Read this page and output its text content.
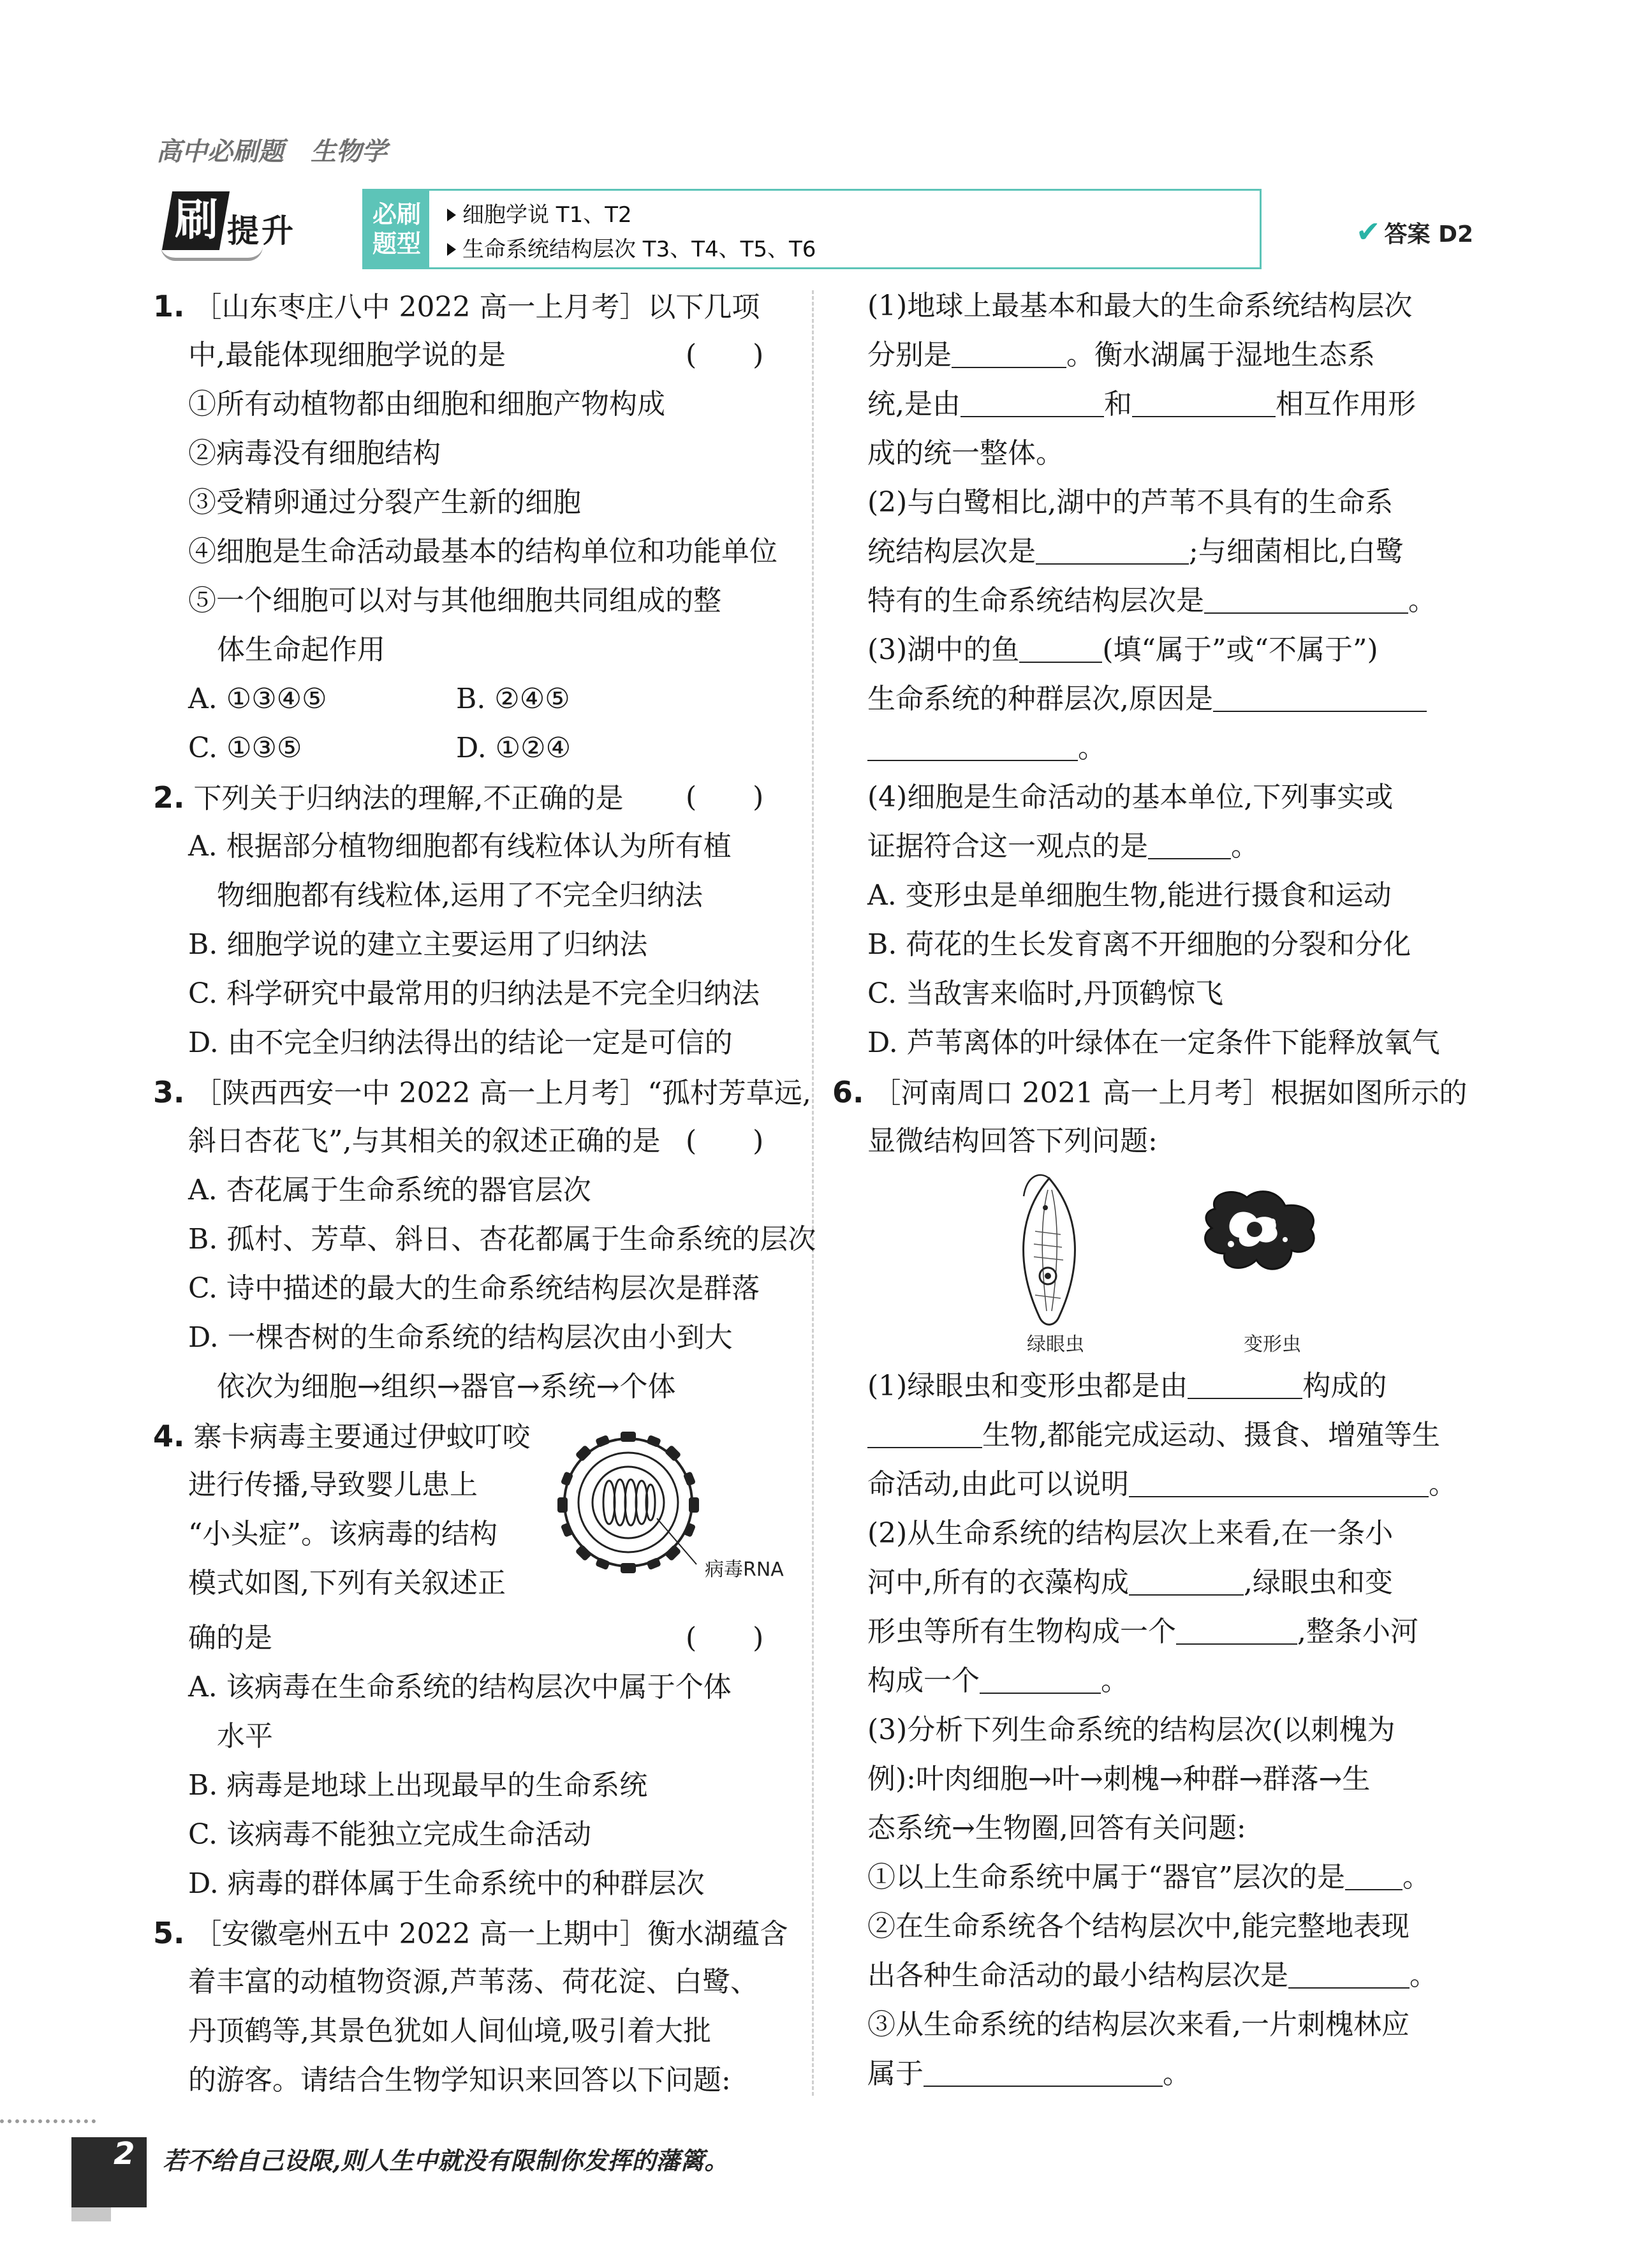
高中必刷题 生物学
刷 提升	必刷
题型
细胞学说 T1、T2
生命系统结构层次 T3、T4、T5、T6
✔ 答案 D2
1. ［山东枣庄八中 2022 高一上月考］以下几项
中,最能体现细胞学说的是	(　　)
①所有动植物都由细胞和细胞产物构成
②病毒没有细胞结构
③受精卵通过分裂产生新的细胞
④细胞是生命活动最基本的结构单位和功能单位
⑤一个细胞可以对与其他细胞共同组成的整
体生命起作用
A. ①③④⑤	B. ②④⑤
C. ①③⑤	D. ①②④
2. 下列关于归纳法的理解,不正确的是 (　　)
A. 根据部分植物细胞都有线粒体认为所有植
物细胞都有线粒体,运用了不完全归纳法
B. 细胞学说的建立主要运用了归纳法
C. 科学研究中最常用的归纳法是不完全归纳法
D. 由不完全归纳法得出的结论一定是可信的
3. ［陕西西安一中 2022 高一上月考］“孤村芳草远,
斜日杏花飞”,与其相关的叙述正确的是 (　　)
A. 杏花属于生命系统的器官层次
B. 孤村、芳草、斜日、杏花都属于生命系统的层次
C. 诗中描述的最大的生命系统结构层次是群落
D. 一棵杏树的生命系统的结构层次由小到大
依次为细胞→组织→器官→系统→个体
4. 寨卡病毒主要通过伊蚊叮咬
进行传播,导致婴儿患上
“小头症”。该病毒的结构
模式如图,下列有关叙述正
确的是	(　　)
病毒RNA
A. 该病毒在生命系统的结构层次中属于个体
水平
B. 病毒是地球上出现最早的生命系统
C. 该病毒不能独立完成生命活动
D. 病毒的群体属于生命系统中的种群层次
5. ［安徽亳州五中 2022 高一上期中］衡水湖蕴含
着丰富的动植物资源,芦苇荡、荷花淀、白鹭、
丹顶鹤等,其景色犹如人间仙境,吸引着大批
的游客。请结合生物学知识来回答以下问题:
(1)地球上最基本和最大的生命系统结构层次
分别是	。衡水湖属于湿地生态系
统,是由	和	相互作用形
成的统一整体。
(2)与白鹭相比,湖中的芦苇不具有的生命系
统结构层次是	;与细菌相比,白鹭
特有的生命系统结构层次是	。
(3)湖中的鱼	(填“属于”或“不属于”)
生命系统的种群层次,原因是
。
(4)细胞是生命活动的基本单位,下列事实或
证据符合这一观点的是	。
A. 变形虫是单细胞生物,能进行摄食和运动
B. 荷花的生长发育离不开细胞的分裂和分化
C. 当敌害来临时,丹顶鹤惊飞
D. 芦苇离体的叶绿体在一定条件下能释放氧气
6. ［河南周口 2021 高一上月考］根据如图所示的
显微结构回答下列问题:
绿眼虫	变形虫
(1)绿眼虫和变形虫都是由	构成的
生物,都能完成运动、摄食、增殖等生
命活动,由此可以说明	。
(2)从生命系统的结构层次上来看,在一条小
河中,所有的衣藻构成	,绿眼虫和变
形虫等所有生物构成一个	,整条小河
构成一个	。
(3)分析下列生命系统的结构层次(以刺槐为
例):叶肉细胞→叶→刺槐→种群→群落→生
态系统→生物圈,回答有关问题:
①以上生命系统中属于“器官”层次的是 。
②在生命系统各个结构层次中,能完整地表现
出各种生命活动的最小结构层次是	。
③从生命系统的结构层次来看,一片刺槐林应
属于	。
2 若不给自己设限,则人生中就没有限制你发挥的藩篱。
